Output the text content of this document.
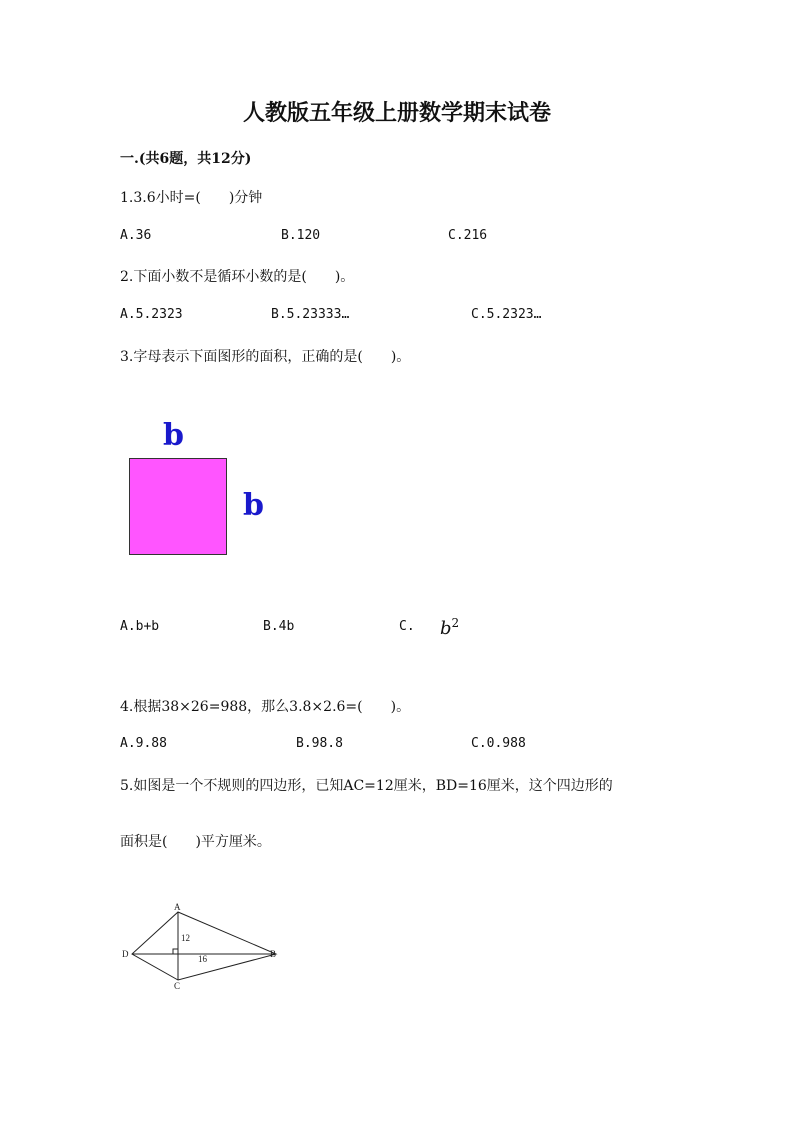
人教版五年级上册数学期末试卷
一.(共6题，共12分)
1.3.6小时=(　　)分钟
A.36	B.120	C.216
2.下面小数不是循环小数的是(　　)。
A.5.2323	B.5.23333…	C.5.2323…
3.字母表示下面图形的面积，正确的是(　　)。
b
b
A.b+b	B.4b	C. $b^2$
4.根据38×26=988，那么3.8×2.6=(　　)。
A.9.88	B.98.8	C.0.988
5.如图是一个不规则的四边形，已知AC=12厘米，BD=16厘米，这个四边形的
面积是(　　)平方厘米。
A
B
C
D
12
16
